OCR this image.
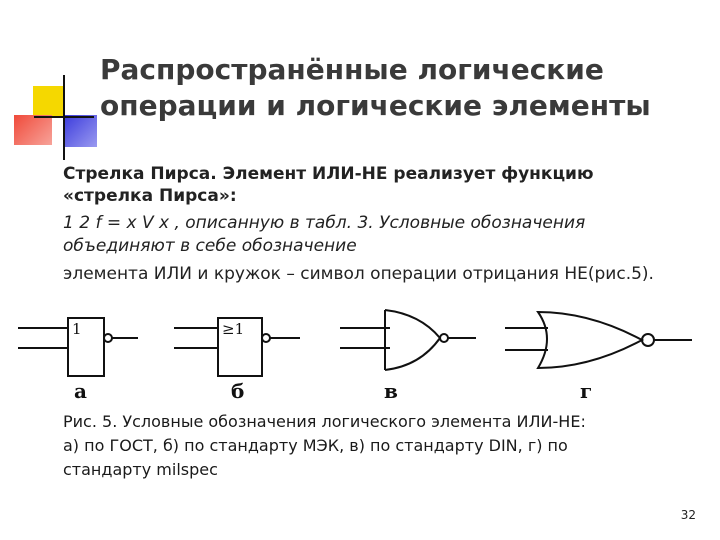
Распространённые логические
операции и логические элементы
Стрелка Пирса. Элемент ИЛИ-НЕ реализует функцию
«стрелка Пирса»:
1 2 f = x V x , описанную в табл. 3. Условные обозначения
объединяют в себе обозначение
элемента ИЛИ и кружок – символ операции отрицания НЕ(рис.5).
1
а
≥1
б	в	г
Рис. 5. Условные обозначения логического элемента ИЛИ-НЕ:
а) по ГОСТ, б) по стандарту МЭК, в) по стандарту DIN, г) по
стандарту milspec
32
